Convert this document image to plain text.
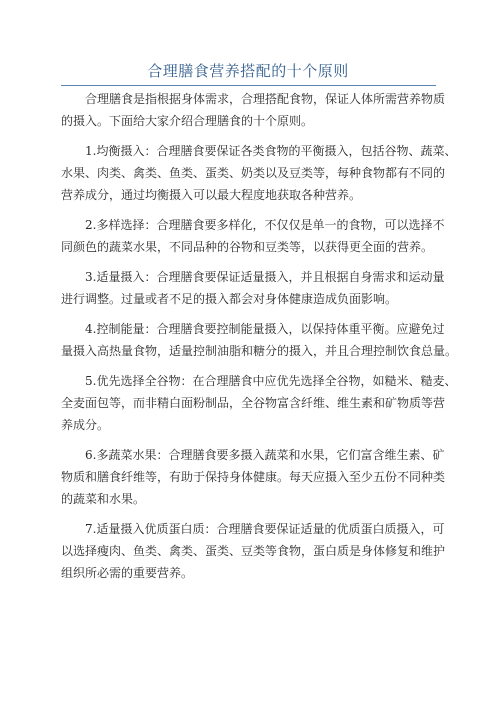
合理膳食营养搭配的十个原则

合理膳食是指根据身体需求，合理搭配食物，保证人体所需营养物质
的摄入。下面给大家介绍合理膳食的十个原则。

1.均衡摄入：合理膳食要保证各类食物的平衡摄入，包括谷物、蔬菜、
水果、肉类、禽类、鱼类、蛋类、奶类以及豆类等，每种食物都有不同的
营养成分，通过均衡摄入可以最大程度地获取各种营养。

2.多样选择：合理膳食要多样化，不仅仅是单一的食物，可以选择不
同颜色的蔬菜水果，不同品种的谷物和豆类等，以获得更全面的营养。

3.适量摄入：合理膳食要保证适量摄入，并且根据自身需求和运动量
进行调整。过量或者不足的摄入都会对身体健康造成负面影响。

4.控制能量：合理膳食要控制能量摄入，以保持体重平衡。应避免过
量摄入高热量食物，适量控制油脂和糖分的摄入，并且合理控制饮食总量。

5.优先选择全谷物：在合理膳食中应优先选择全谷物，如糙米、糙麦、
全麦面包等，而非精白面粉制品，全谷物富含纤维、维生素和矿物质等营
养成分。

6.多蔬菜水果：合理膳食要多摄入蔬菜和水果，它们富含维生素、矿
物质和膳食纤维等，有助于保持身体健康。每天应摄入至少五份不同种类
的蔬菜和水果。

7.适量摄入优质蛋白质：合理膳食要保证适量的优质蛋白质摄入，可
以选择瘦肉、鱼类、禽类、蛋类、豆类等食物，蛋白质是身体修复和维护
组织所必需的重要营养。
